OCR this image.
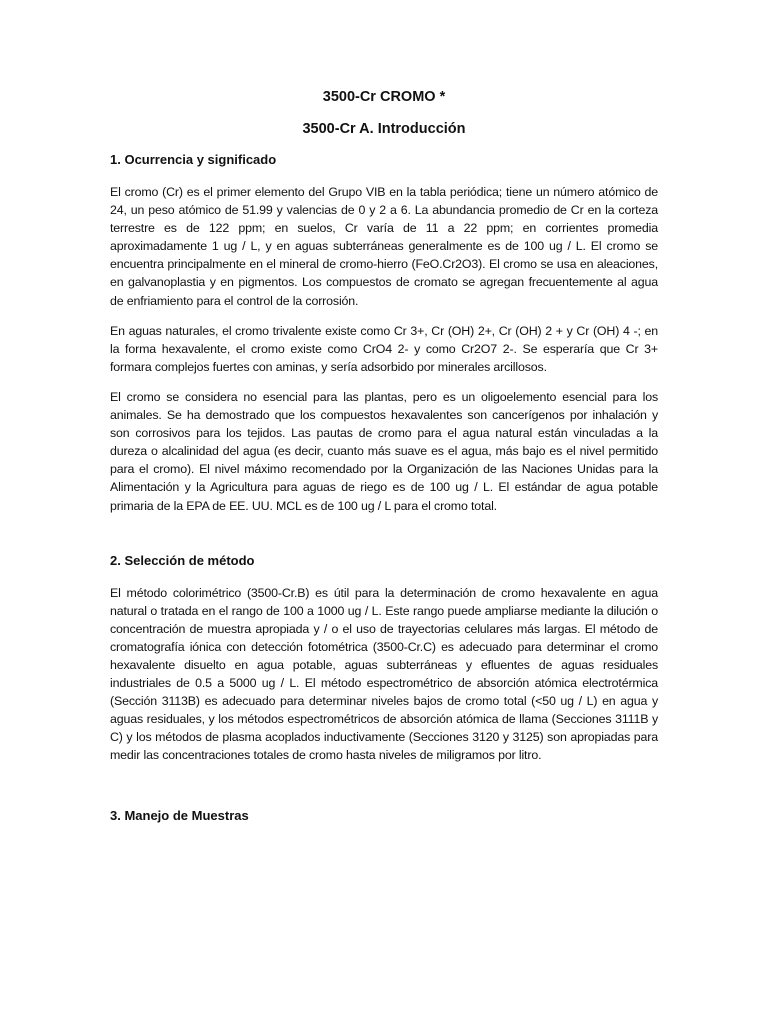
3500-Cr CROMO *
3500-Cr A. Introducción
1. Ocurrencia y significado

El cromo (Cr) es el primer elemento del Grupo VIB en la tabla periódica; tiene un número atómico de 24, un peso atómico de 51.99 y valencias de 0 y 2 a 6. La abundancia promedio de Cr en la corteza terrestre es de 122 ppm; en suelos, Cr varía de 11 a 22 ppm; en corrientes promedia aproximadamente 1 ug / L, y en aguas subterráneas generalmente es de 100 ug / L. El cromo se encuentra principalmente en el mineral de cromo-hierro (FeO.Cr2O3). El cromo se usa en aleaciones, en galvanoplastia y en pigmentos. Los compuestos de cromato se agregan frecuentemente al agua de enfriamiento para el control de la corrosión.

En aguas naturales, el cromo trivalente existe como Cr 3+, Cr (OH) 2+, Cr (OH) 2 + y Cr (OH) 4 -; en la forma hexavalente, el cromo existe como CrO4 2- y como Cr2O7 2-. Se esperaría que Cr 3+ formara complejos fuertes con aminas, y sería adsorbido por minerales arcillosos.

El cromo se considera no esencial para las plantas, pero es un oligoelemento esencial para los animales. Se ha demostrado que los compuestos hexavalentes son cancerígenos por inhalación y son corrosivos para los tejidos. Las pautas de cromo para el agua natural están vinculadas a la dureza o alcalinidad del agua (es decir, cuanto más suave es el agua, más bajo es el nivel permitido para el cromo). El nivel máximo recomendado por la Organización de las Naciones Unidas para la Alimentación y la Agricultura para aguas de riego es de 100 ug / L. El estándar de agua potable primaria de la EPA de EE. UU. MCL es de 100 ug / L para el cromo total.

2. Selección de método

El método colorimétrico (3500-Cr.B) es útil para la determinación de cromo hexavalente en agua natural o tratada en el rango de 100 a 1000 ug / L. Este rango puede ampliarse mediante la dilución o concentración de muestra apropiada y / o el uso de trayectorias celulares más largas. El método de cromatografía iónica con detección fotométrica (3500-Cr.C) es adecuado para determinar el cromo hexavalente disuelto en agua potable, aguas subterráneas y efluentes de aguas residuales industriales de 0.5 a 5000 ug / L. El método espectrométrico de absorción atómica electrotérmica (Sección 3113B) es adecuado para determinar niveles bajos de cromo total (<50 ug / L) en agua y aguas residuales, y los métodos espectrométricos de absorción atómica de llama (Secciones 3111B y C) y los métodos de plasma acoplados inductivamente (Secciones 3120 y 3125) son apropiadas para medir las concentraciones totales de cromo hasta niveles de miligramos por litro.

3. Manejo de Muestras
